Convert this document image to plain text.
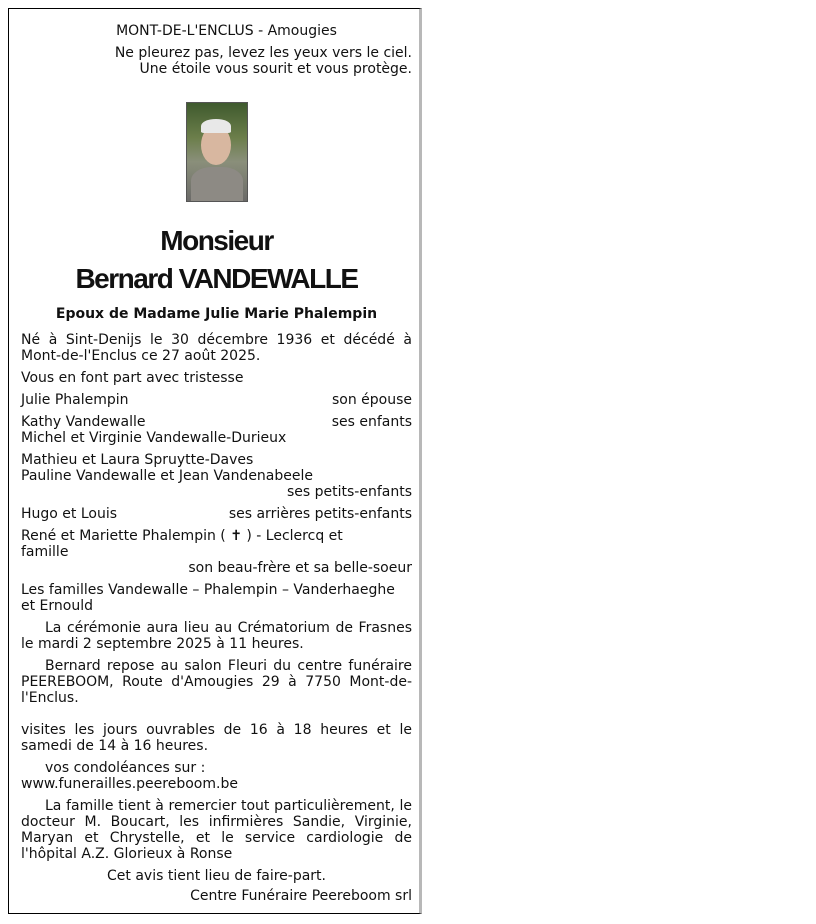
MONT-DE-L'ENCLUS - Amougies
Ne pleurez pas, levez les yeux vers le ciel.
Une étoile vous sourit et vous protège.
Monsieur
Bernard VANDEWALLE
Epoux de Madame Julie Marie Phalempin
Né à Sint-Denijs le 30 décembre 1936 et décédé à Mont-de-l'Enclus ce 27 août 2025.
Vous en font part avec tristesse
Julie Phalempin	son épouse
Kathy Vandewalle	ses enfants
Michel et Virginie Vandewalle-Durieux
Mathieu et Laura Spruytte-Daves
Pauline Vandewalle et Jean Vandenabeele
ses petits-enfants
Hugo et Louis	ses arrières petits-enfants
René et Mariette Phalempin ( ✝ ) - Leclercq et famille
son beau-frère et sa belle-soeur
Les familles Vandewalle – Phalempin – Vanderhaeghe et Ernould
La cérémonie aura lieu au Crématorium de Frasnes le mardi 2 septembre 2025 à 11 heures.
Bernard repose au salon Fleuri du centre funéraire PEEREBOOM, Route d'Amougies 29 à 7750 Mont-de-l'Enclus.
visites les jours ouvrables de 16 à 18 heures et le samedi de 14 à 16 heures.
vos condoléances sur :
www.funerailles.peereboom.be
La famille tient à remercier tout particulièrement, le docteur M. Boucart, les infirmières Sandie, Virginie, Maryan et Chrystelle, et le service cardiologie de l'hôpital A.Z. Glorieux à Ronse
Cet avis tient lieu de faire-part.
Centre Funéraire Peereboom srl
